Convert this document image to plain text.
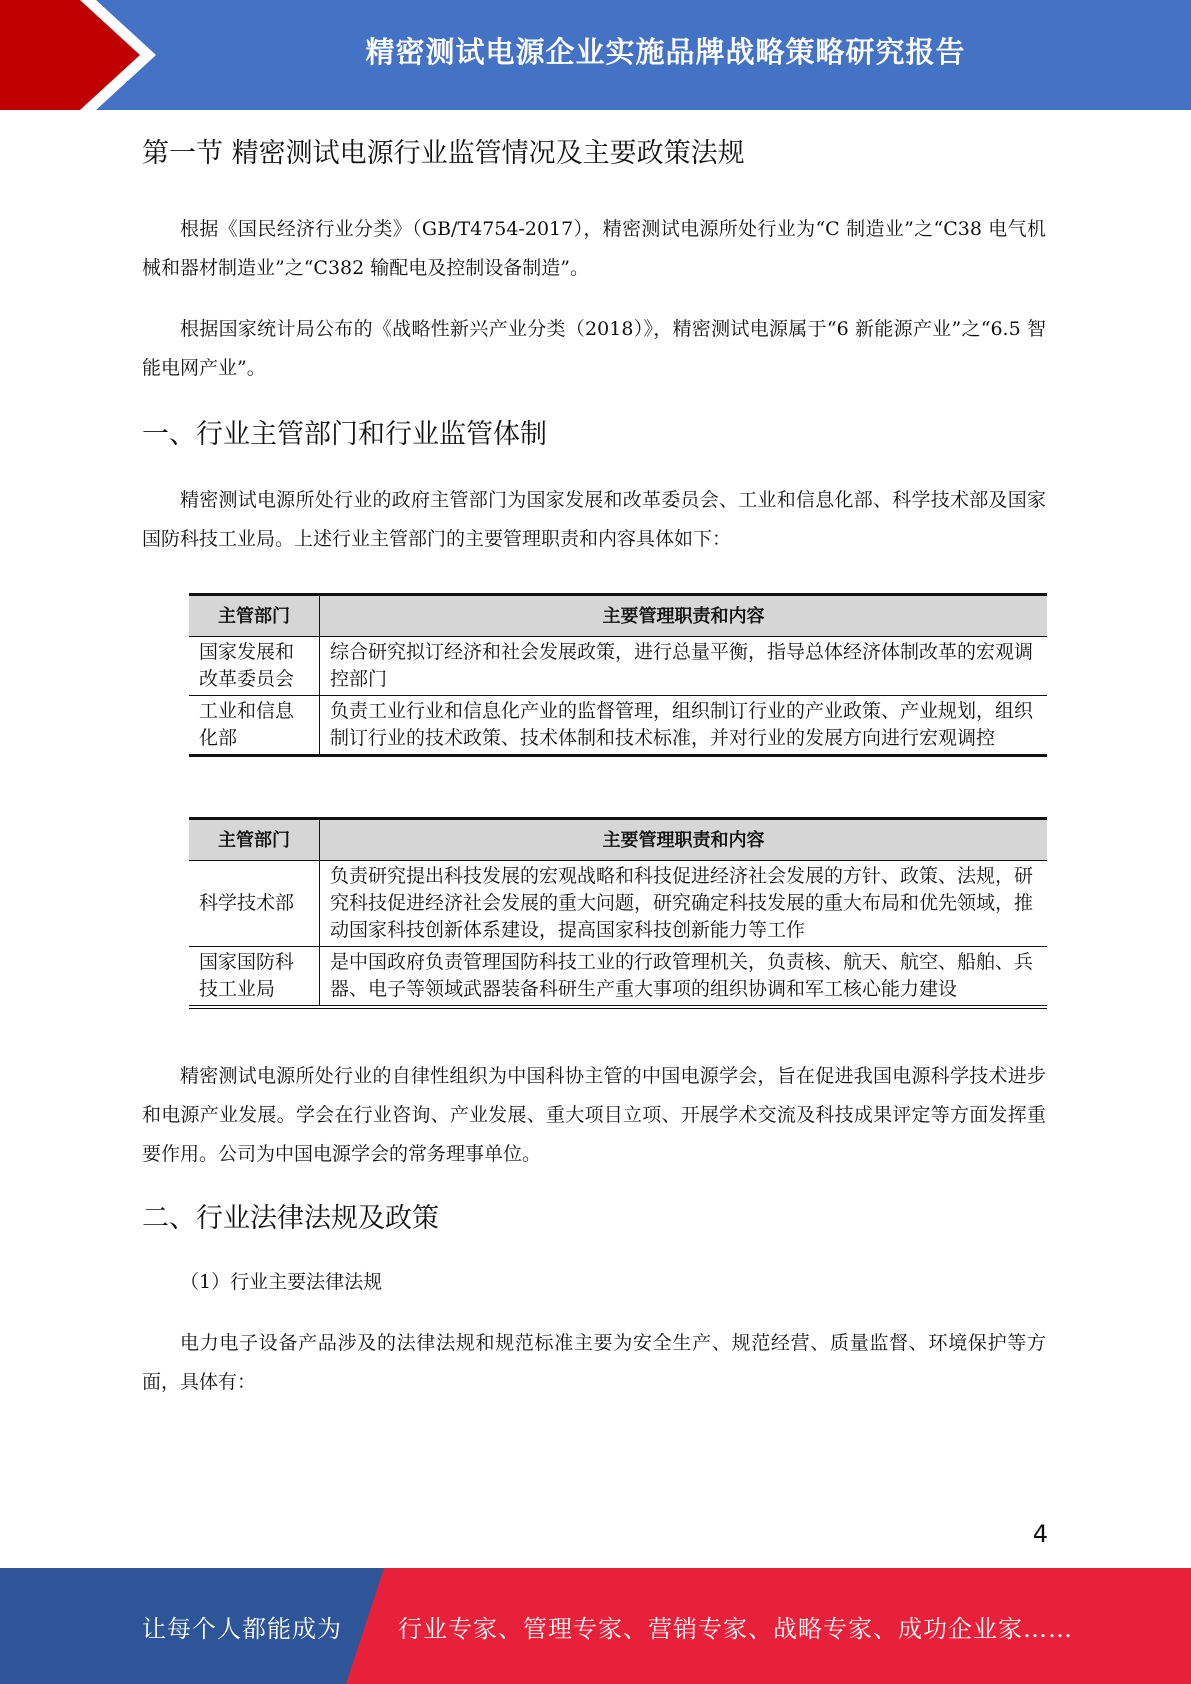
精密测试电源企业实施品牌战略策略研究报告
第一节 精密测试电源行业监管情况及主要政策法规

根据《国民经济行业分类》（GB/T4754-2017），精密测试电源所处行业为“C 制造业”之“C38 电气机械和器材制造业”之“C382 输配电及控制设备制造”。

根据国家统计局公布的《战略性新兴产业分类（2018）》，精密测试电源属于“6 新能源产业”之“6.5 智能电网产业”。

一、行业主管部门和行业监管体制

精密测试电源所处行业的政府主管部门为国家发展和改革委员会、工业和信息化部、科学技术部及国家国防科技工业局。上述行业主管部门的主要管理职责和内容具体如下：

主管部门	主要管理职责和内容
国家发展和改革委员会	综合研究拟订经济和社会发展政策，进行总量平衡，指导总体经济体制改革的宏观调控部门
工业和信息化部	负责工业行业和信息化产业的监督管理，组织制订行业的产业政策、产业规划，组织制订行业的技术政策、技术体制和技术标准，并对行业的发展方向进行宏观调控
主管部门	主要管理职责和内容
科学技术部	负责研究提出科技发展的宏观战略和科技促进经济社会发展的方针、政策、法规，研究科技促进经济社会发展的重大问题，研究确定科技发展的重大布局和优先领域，推动国家科技创新体系建设，提高国家科技创新能力等工作
国家国防科技工业局	是中国政府负责管理国防科技工业的行政管理机关，负责核、航天、航空、船舶、兵器、电子等领域武器装备科研生产重大事项的组织协调和军工核心能力建设

精密测试电源所处行业的自律性组织为中国科协主管的中国电源学会，旨在促进我国电源科学技术进步和电源产业发展。学会在行业咨询、产业发展、重大项目立项、开展学术交流及科技成果评定等方面发挥重要作用。公司为中国电源学会的常务理事单位。

二、行业法律法规及政策

（1）行业主要法律法规

电力电子设备产品涉及的法律法规和规范标准主要为安全生产、规范经营、质量监督、环境保护等方面，具体有：

4
让每个人都能成为 行业专家、管理专家、营销专家、战略专家、成功企业家……
